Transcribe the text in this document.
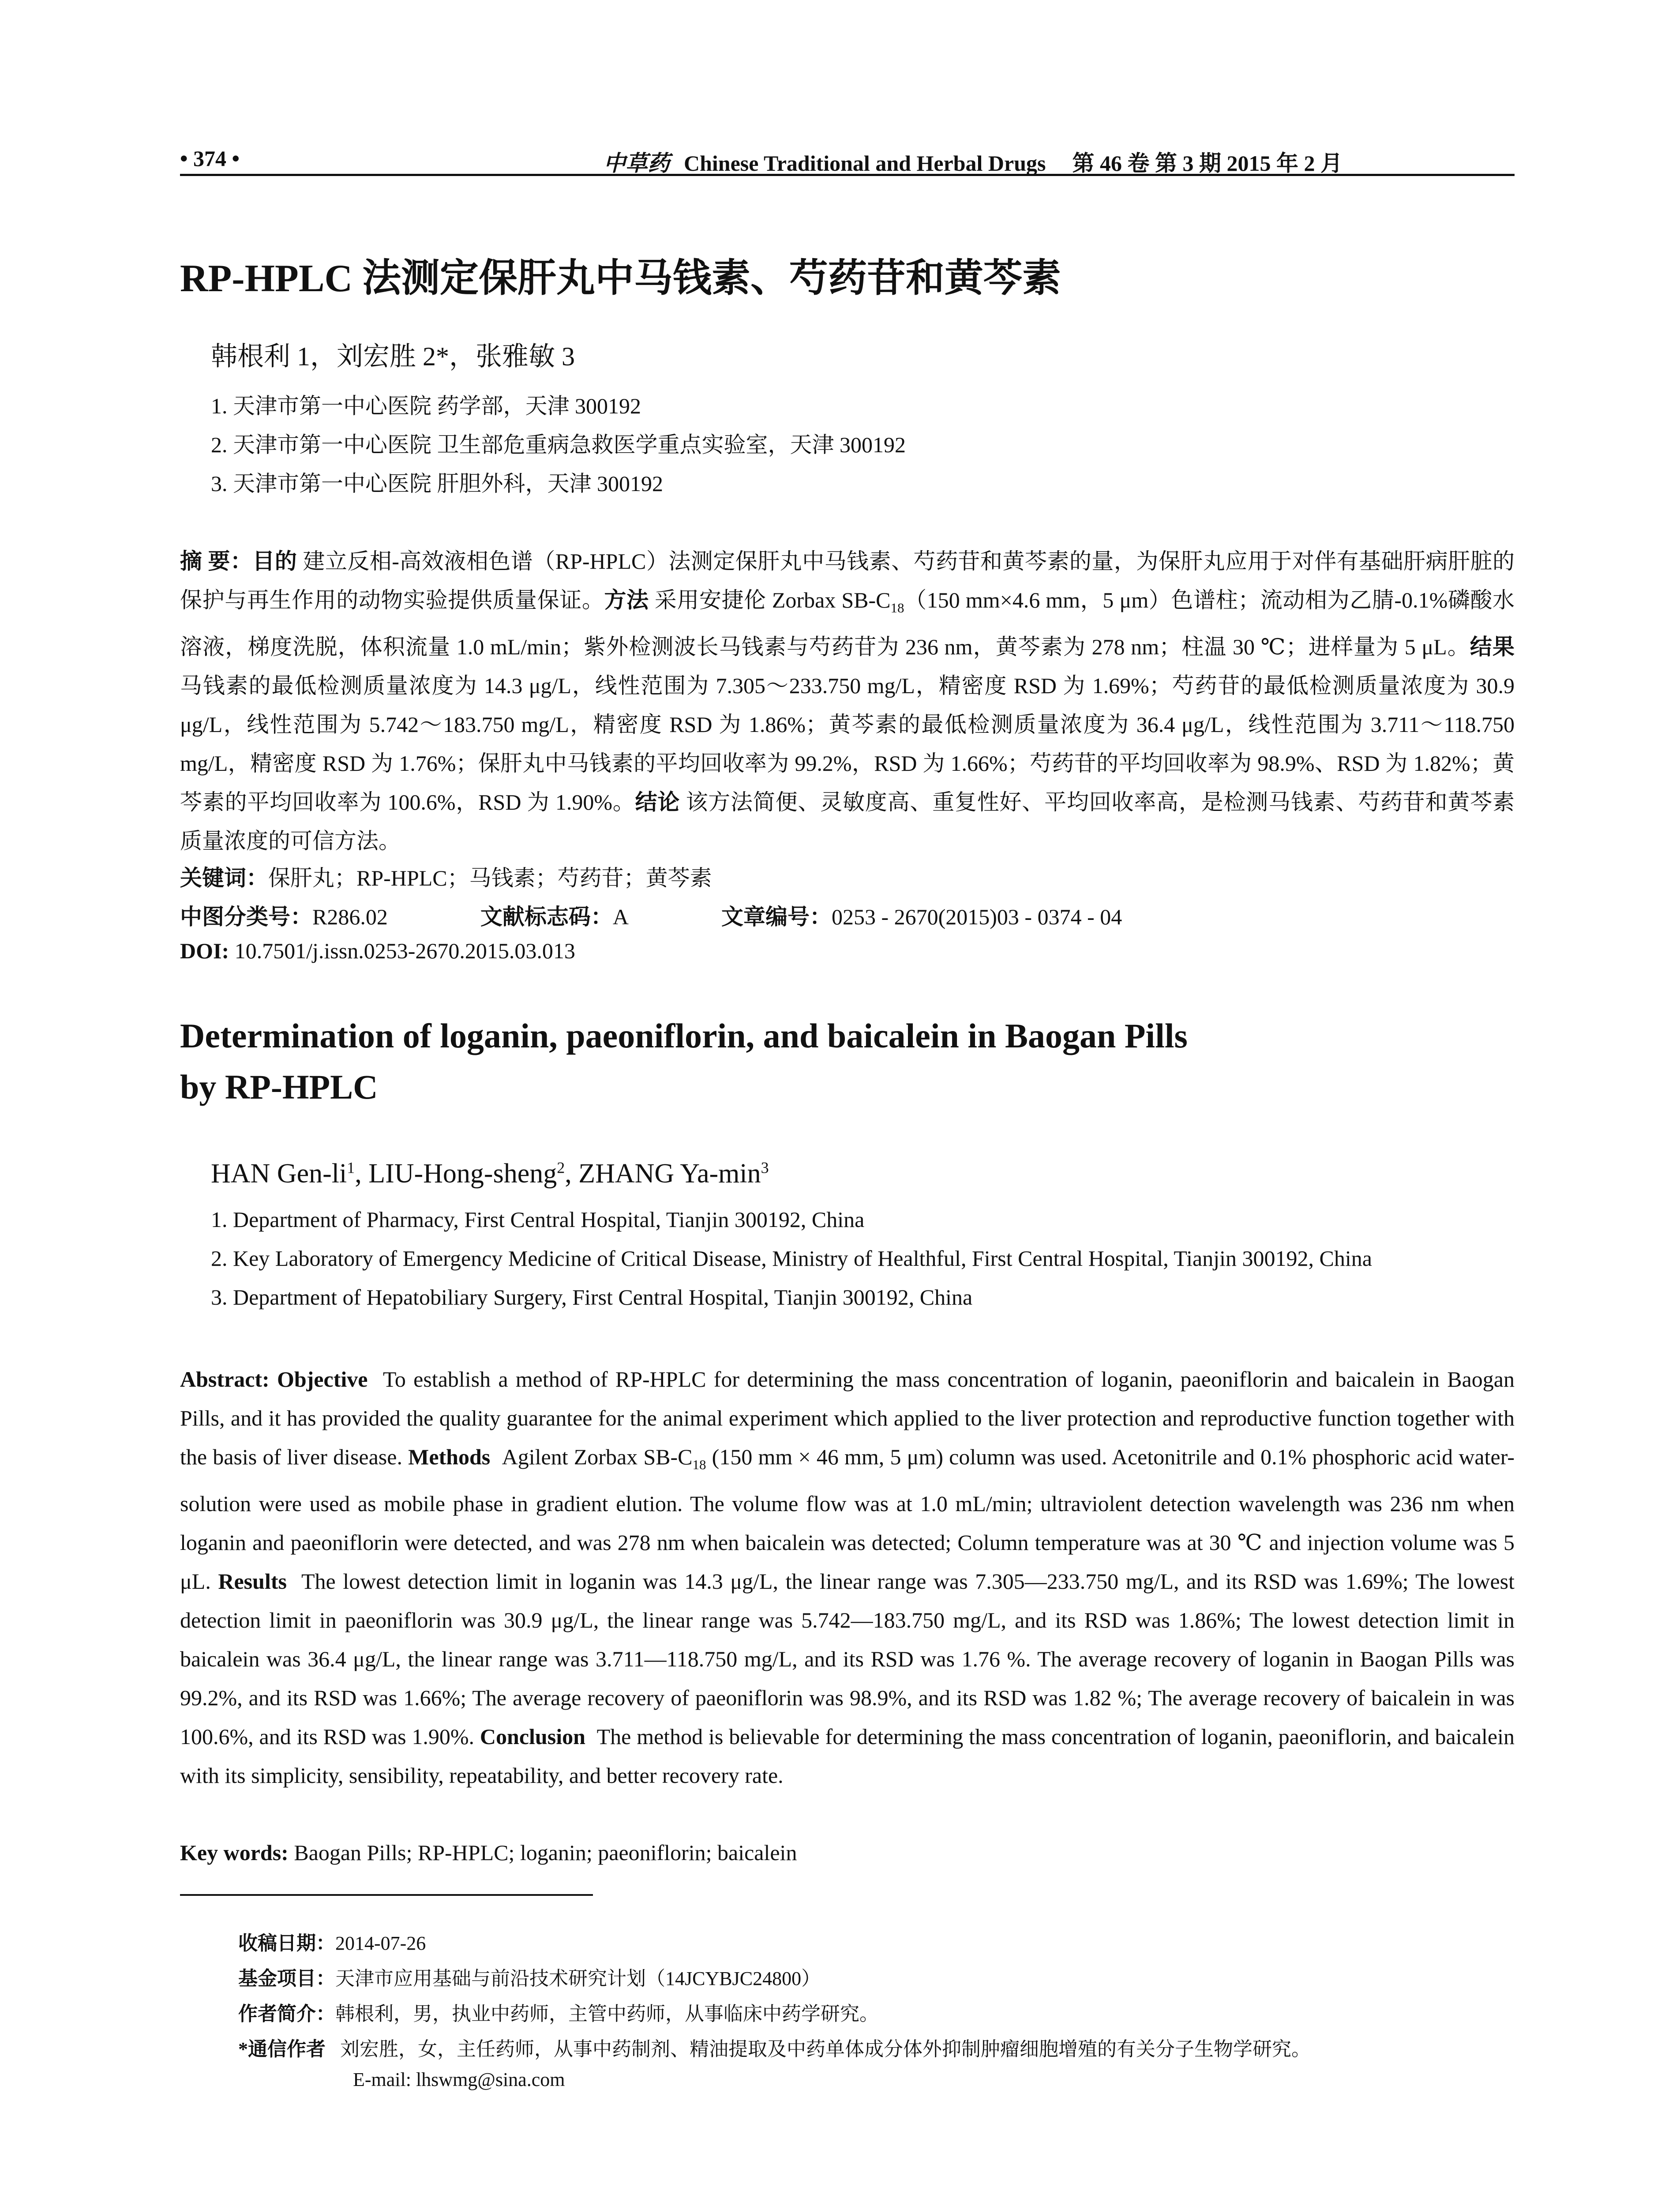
• 374 •	中草药 Chinese Traditional and Herbal Drugs 第 46 卷 第 3 期 2015 年 2 月
RP-HPLC 法测定保肝丸中马钱素、芍药苷和黄芩素
韩根利 1，刘宏胜 2*，张雅敏 3
1. 天津市第一中心医院 药学部，天津 300192
2. 天津市第一中心医院 卫生部危重病急救医学重点实验室，天津 300192
3. 天津市第一中心医院 肝胆外科，天津 300192
摘 要：目的 建立反相-高效液相色谱（RP-HPLC）法测定保肝丸中马钱素、芍药苷和黄芩素的量，为保肝丸应用于对伴有基础肝病肝脏的保护与再生作用的动物实验提供质量保证。方法 采用安捷伦 Zorbax $SB-C_{18}(150$ mm×4.6 mm，5 μm）色谱柱；流动相为乙腈-0.1%磷酸水溶液，梯度洗脱，体积流量 1.0 mL/min；紫外检测波长马钱素与芍药苷为 236 nm，黄芩素为 278 nm；柱温 30 ℃；进样量为 5 μL。结果 马钱素的最低检测质量浓度为 14.3 μg/L，线性范围为 7.305～233.750 mg/L，精密度 RSD 为 1.69%；芍药苷的最低检测质量浓度为 30.9 μg/L，线性范围为 5.742～183.750 mg/L，精密度 RSD 为 1.86%；黄芩素的最低检测质量浓度为 36.4 μg/L，线性范围为 3.711～118.750 mg/L，精密度 RSD 为 1.76%；保肝丸中马钱素的平均回收率为 99.2%，RSD 为 1.66%；芍药苷的平均回收率为 98.9%、RSD 为 1.82%；黄芩素的平均回收率为 100.6%，RSD 为 1.90%。结论 该方法简便、灵敏度高、重复性好、平均回收率高，是检测马钱素、芍药苷和黄芩素质量浓度的可信方法。
关键词：保肝丸；RP-HPLC；马钱素；芍药苷；黄芩素
中图分类号：R286.02	文献标志码：A	文章编号：0253 - 2670(2015)03 - 0374 - 04
DOI: 10.7501/j.issn.0253-2670.2015.03.013
Determination of loganin, paeoniflorin, and baicalein in Baogan Pills
by RP-HPLC
HAN Gen-$li^1$, LIU-Hong-sheng$^2$, ZHANG $Ya-\min^3$
1. Department of Pharmacy, First Central Hospital, Tianjin 300192, China
2. Key Laboratory of Emergency Medicine of Critical Disease, Ministry of Healthful, First Central Hospital, Tianjin 300192, China
3. Department of Hepatobiliary Surgery, First Central Hospital, Tianjin 300192, China
Abstract: Objective To establish a method of RP-HPLC for determining the mass concentration of loganin, paeoniflorin and baicalein in Baogan Pills, and it has provided the quality guarantee for the animal experiment which applied to the liver protection and reproductive function together with the basis of liver disease. Methods Agilent Zorbax $SB-C_{18}$ (150 mm × 46 mm, 5 μm) column was used. Acetonitrile and 0.1% phosphoric acid water-solution were used as mobile phase in gradient elution. The volume flow was at 1.0 mL/min; ultraviolent detection wavelength was 236 nm when loganin and paeoniflorin were detected, and was 278 nm when baicalein was detected; Column temperature was at 30 ℃ and injection volume was 5 μL. Results The lowest detection limit in loganin was 14.3 μg/L, the linear range was 7.305—233.750 mg/L, and its RSD was 1.69%; The lowest detection limit in paeoniflorin was 30.9 μg/L, the linear range was 5.742—183.750 mg/L, and its RSD was 1.86%; The lowest detection limit in baicalein was 36.4 μg/L, the linear range was 3.711—118.750 mg/L, and its RSD was 1.76 %. The average recovery of loganin in Baogan Pills was 99.2%, and its RSD was 1.66%; The average recovery of paeoniflorin was 98.9%, and its RSD was 1.82 %; The average recovery of baicalein in was 100.6%, and its RSD was 1.90%. Conclusion The method is believable for determining the mass concentration of loganin, paeoniflorin, and baicalein with its simplicity, sensibility, repeatability, and better recovery rate.
Key words: Baogan Pills; RP-HPLC; loganin; paeoniflorin; baicalein
收稿日期：2014-07-26
基金项目：天津市应用基础与前沿技术研究计划（14JCYBJC24800）
作者简介：韩根利，男，执业中药师，主管中药师，从事临床中药学研究。
*通信作者 刘宏胜，女，主任药师，从事中药制剂、精油提取及中药单体成分体外抑制肿瘤细胞增殖的有关分子生物学研究。
E-mail: lhswmg@sina.com
